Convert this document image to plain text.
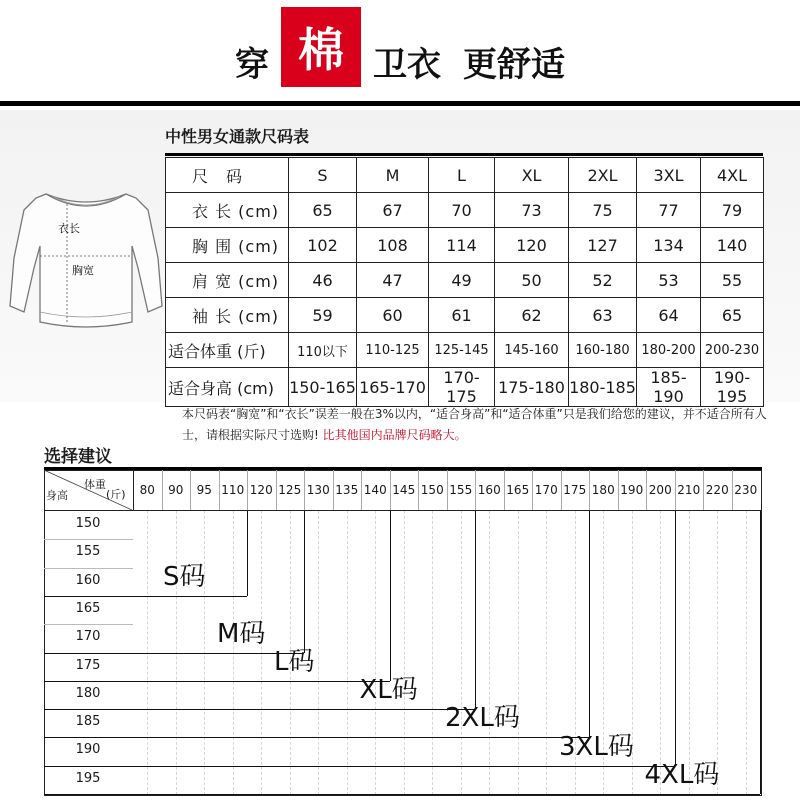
穿 棉 卫衣 更舒适
衣长
胸宽
中性男女通款尺码表
尺　码	S	M	L	XL	2XL	3XL	4XL
衣 长 (cm)	65	67	70	73	75	77	79
胸 围 (cm)	102	108	114	120	127	134	140
肩 宽 (cm)	46	47	49	50	52	53	55
袖 长 (cm)	59	60	61	62	63	64	65
适合体重 (斤)	110以下	110-125	125-145	145-160	160-180	180-200	200-230
适合身高 (cm)	150-165	165-170	170-175	175-180	180-185	185-190	190-195
本尺码表“胸宽”和“衣长”误差一般在3%以内，“适合身高”和“适合体重”只是我们给您的建议，并不适合所有人士，请根据实际尺寸选购! 比其他国内品牌尺码略大。
选择建议
体重
身高	(斤)	80	90	95 110 120 125 130 135 140 145 150 155 160 165 170 175 180 190 200 210 220 230
150
155
160
165
170
175
180
185
190
195
S码
M码
L码
XL码
2XL码
3XL码
4XL码
